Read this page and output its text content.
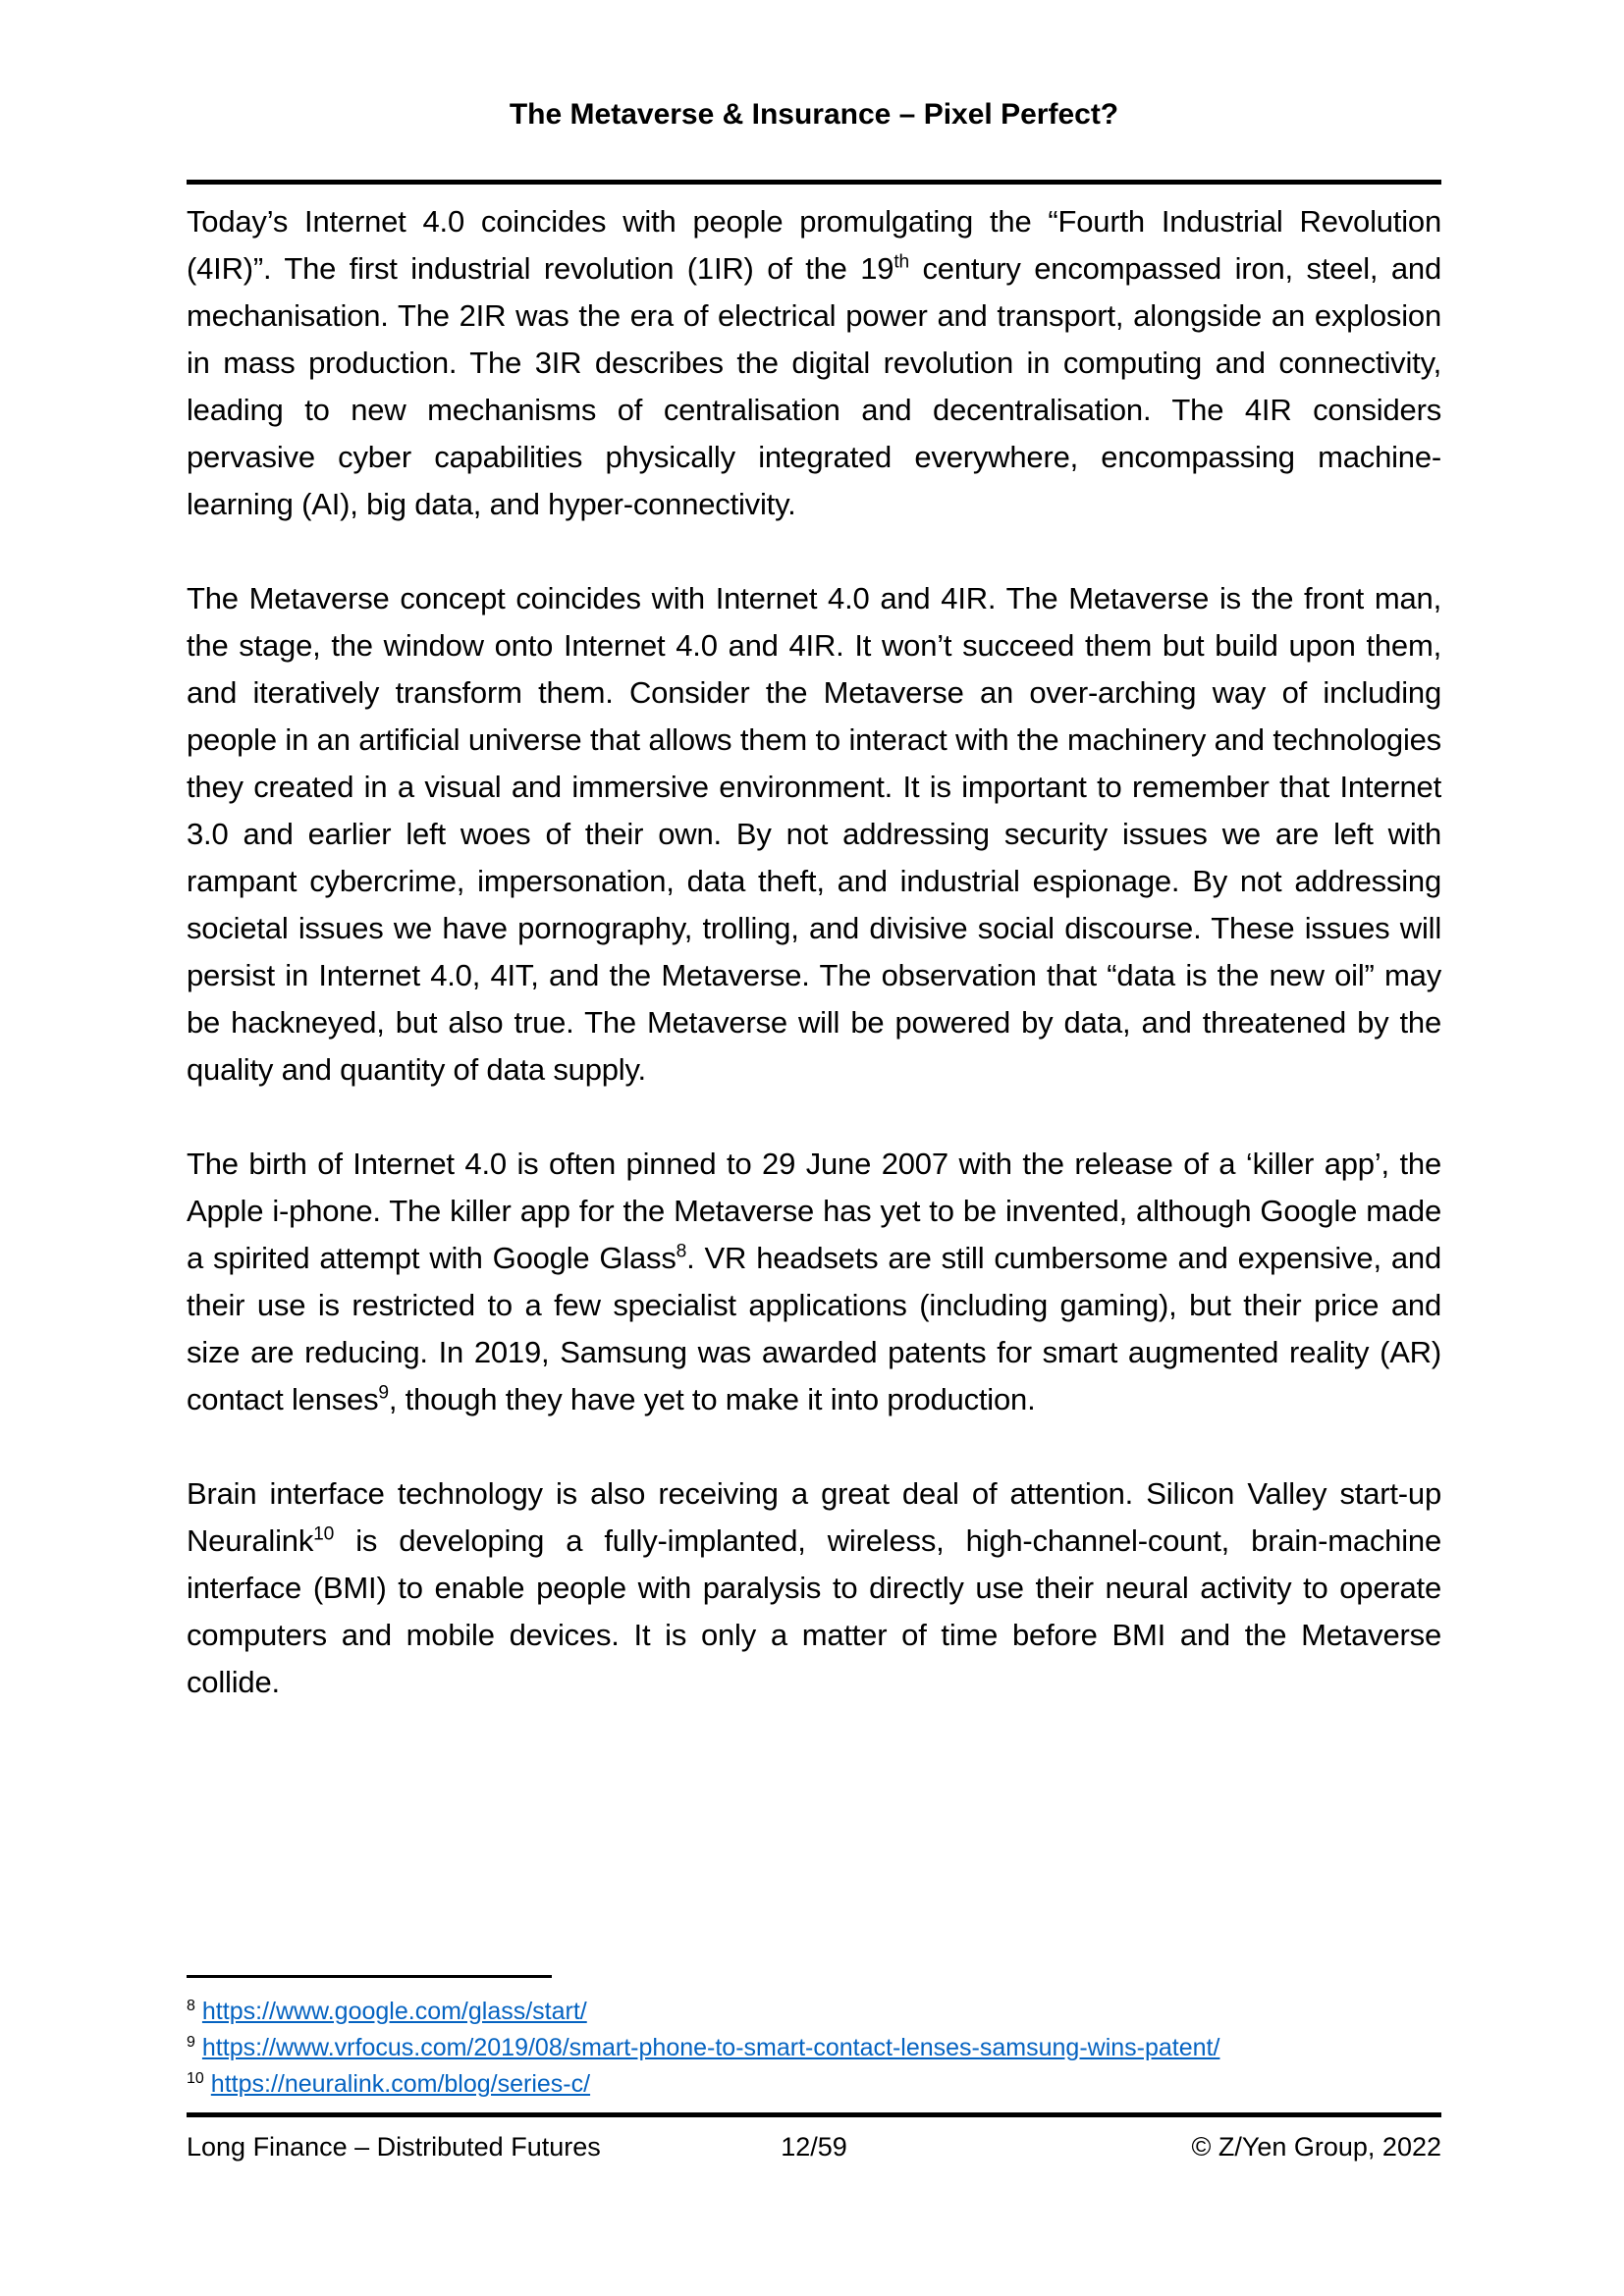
The Metaverse & Insurance – Pixel Perfect?

Today’s Internet 4.0 coincides with people promulgating the “Fourth Industrial Revolution (4IR)”. The first industrial revolution (1IR) of the 19th century encompassed iron, steel, and mechanisation. The 2IR was the era of electrical power and transport, alongside an explosion in mass production. The 3IR describes the digital revolution in computing and connectivity, leading to new mechanisms of centralisation and decentralisation. The 4IR considers pervasive cyber capabilities physically integrated everywhere, encompassing machine-learning (AI), big data, and hyper-connectivity.

The Metaverse concept coincides with Internet 4.0 and 4IR. The Metaverse is the front man, the stage, the window onto Internet 4.0 and 4IR. It won’t succeed them but build upon them, and iteratively transform them. Consider the Metaverse an over-arching way of including people in an artificial universe that allows them to interact with the machinery and technologies they created in a visual and immersive environment. It is important to remember that Internet 3.0 and earlier left woes of their own. By not addressing security issues we are left with rampant cybercrime, impersonation, data theft, and industrial espionage. By not addressing societal issues we have pornography, trolling, and divisive social discourse. These issues will persist in Internet 4.0, 4IT, and the Metaverse. The observation that “data is the new oil” may be hackneyed, but also true. The Metaverse will be powered by data, and threatened by the quality and quantity of data supply.

The birth of Internet 4.0 is often pinned to 29 June 2007 with the release of a ‘killer app’, the Apple i-phone. The killer app for the Metaverse has yet to be invented, although Google made a spirited attempt with Google Glass$^8$. VR headsets are still cumbersome and expensive, and their use is restricted to a few specialist applications (including gaming), but their price and size are reducing. In 2019, Samsung was awarded patents for smart augmented reality (AR) contact lenses$^9$, though they have yet to make it into production.

Brain interface technology is also receiving a great deal of attention. Silicon Valley start-up Neuralink$^{10}$ is developing a fully-implanted, wireless, high-channel-count, brain-machine interface (BMI) to enable people with paralysis to directly use their neural activity to operate computers and mobile devices. It is only a matter of time before BMI and the Metaverse collide.

$^8$ https://www.google.com/glass/start/
$^9$ https://www.vrfocus.com/2019/08/smart-phone-to-smart-contact-lenses-samsung-wins-patent/
$^{10}$ https://neuralink.com/blog/series-c/
Long Finance – Distributed Futures	12/59	© Z/Yen Group, 2022
